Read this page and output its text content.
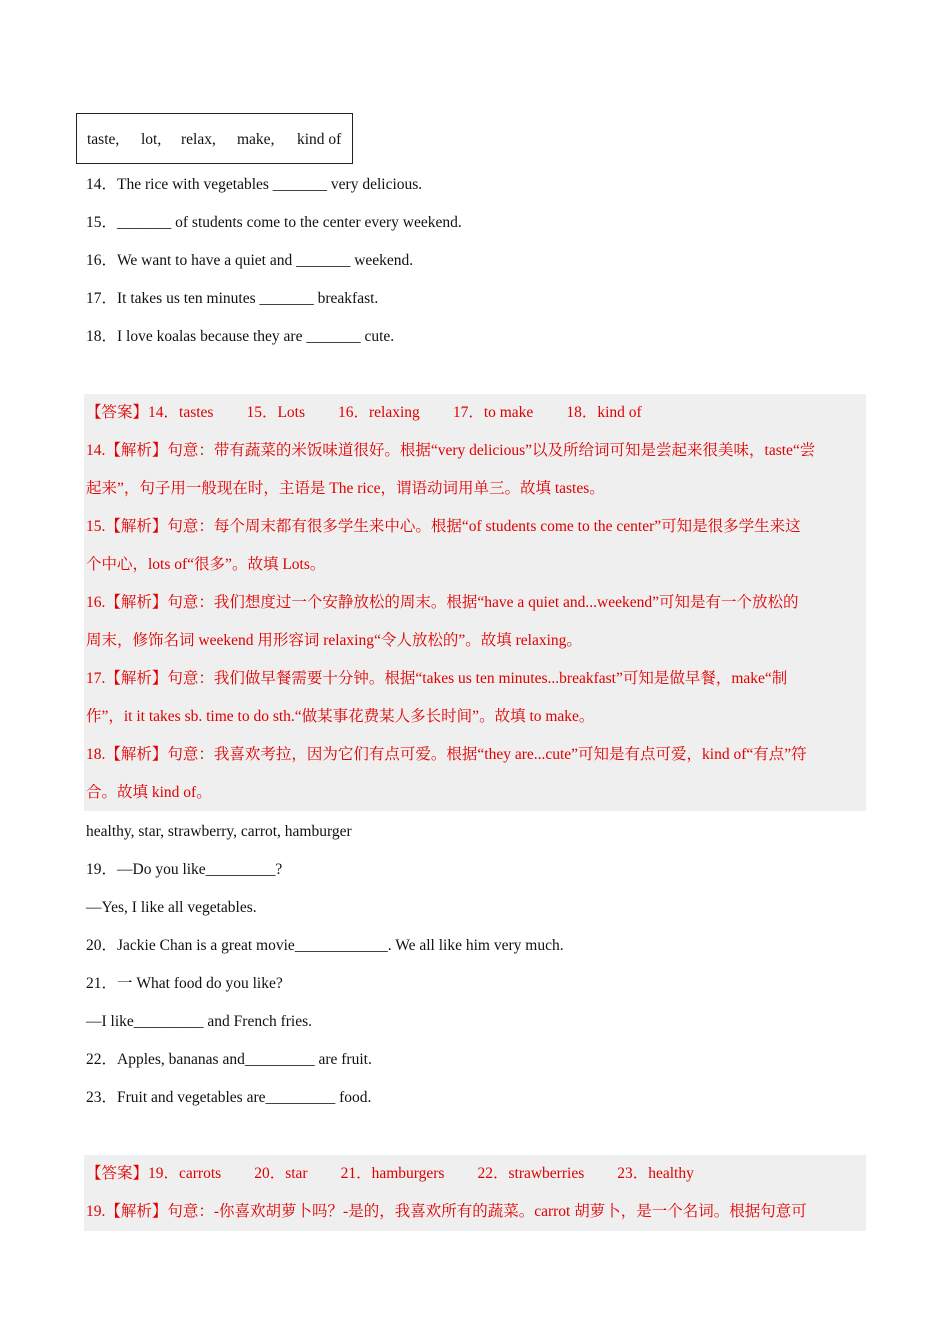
taste, lot, relax, make, kind of
14．The rice with vegetables _______ very delicious.
15．_______ of students come to the center every weekend.
16．We want to have a quiet and _______ weekend.
17．It takes us ten minutes _______ breakfast.
18．I love koalas because they are _______ cute.
【答案】14．tastes 15．Lots 16．relaxing 17．to make 18．kind of
14.【解析】句意：带有蔬菜的米饭味道很好。根据“very delicious”以及所给词可知是尝起来很美味，taste“尝
起来”，句子用一般现在时，主语是 The rice，谓语动词用单三。故填 tastes。
15.【解析】句意：每个周末都有很多学生来中心。根据“of students come to the center”可知是很多学生来这
个中心，lots of“很多”。故填 Lots。
16.【解析】句意：我们想度过一个安静放松的周末。根据“have a quiet and...weekend”可知是有一个放松的
周末，修饰名词 weekend 用形容词 relaxing“令人放松的”。故填 relaxing。
17.【解析】句意：我们做早餐需要十分钟。根据“takes us ten minutes...breakfast”可知是做早餐，make“制
作”，it it takes sb. time to do sth.“做某事花费某人多长时间”。故填 to make。
18.【解析】句意：我喜欢考拉，因为它们有点可爱。根据“they are...cute”可知是有点可爱，kind of“有点”符
合。故填 kind of。
healthy, star, strawberry, carrot, hamburger
19．—Do you like_________?
—Yes, I like all vegetables.
20．Jackie Chan is a great movie____________. We all like him very much.
21．一 What food do you like?
—I like_________ and French fries.
22．Apples, bananas and_________ are fruit.
23．Fruit and vegetables are_________ food.
【答案】19．carrots 20．star 21．hamburgers 22．strawberries 23．healthy
19.【解析】句意：-你喜欢胡萝卜吗？-是的，我喜欢所有的蔬菜。carrot 胡萝卜，是一个名词。根据句意可
